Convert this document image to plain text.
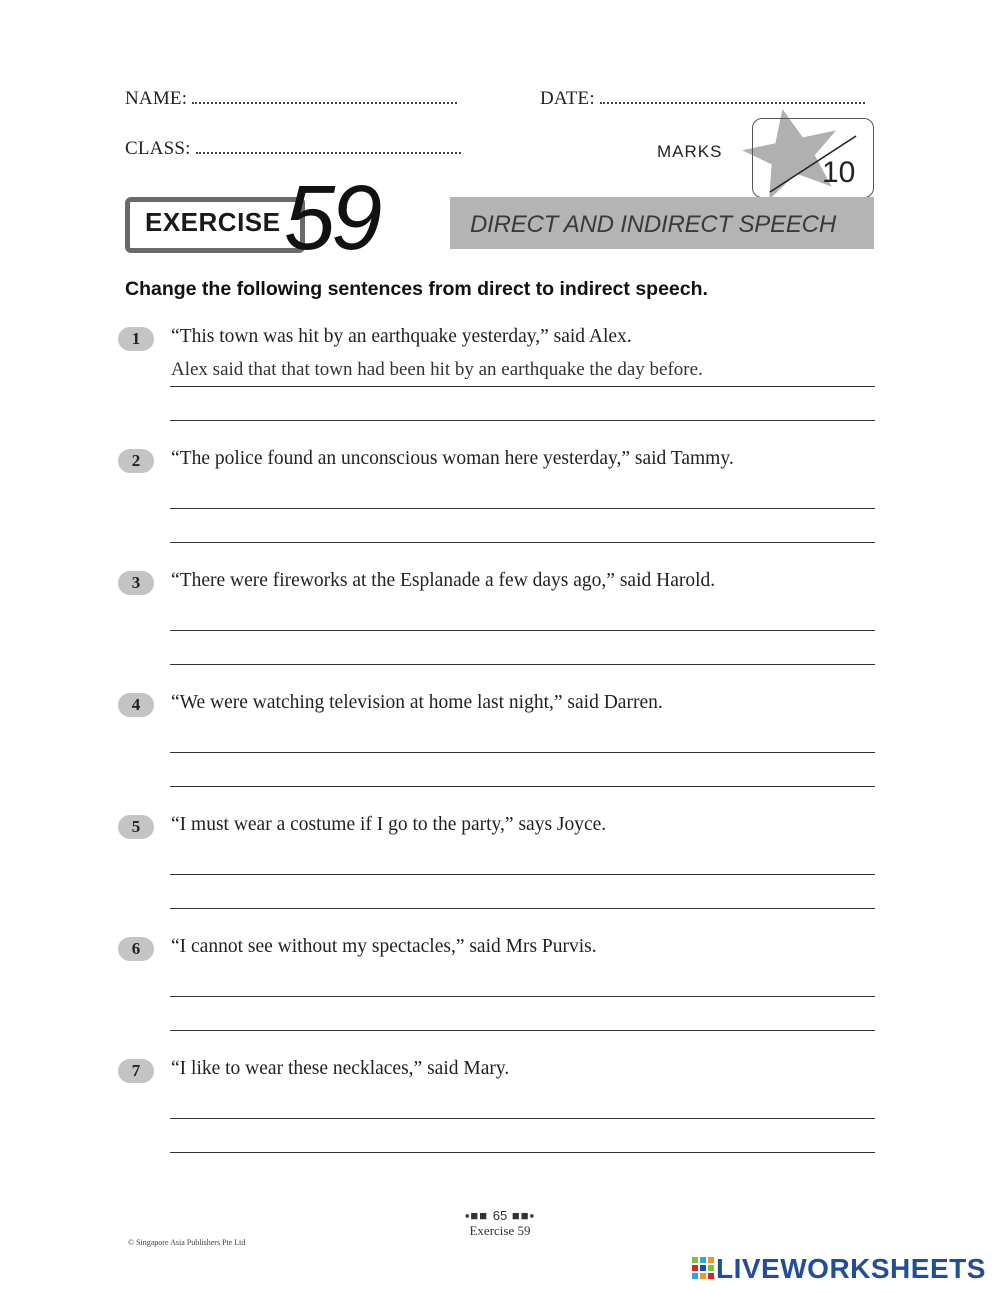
NAME:	DATE:
CLASS:	MARKS
10
EXERCISE 59	DIRECT AND INDIRECT SPEECH
Change the following sentences from direct to indirect speech.
1	“This town was hit by an earthquake yesterday,” said Alex.
Alex said that that town had been hit by an earthquake the day before.
2	“The police found an unconscious woman here yesterday,” said Tammy.
3	“There were fireworks at the Esplanade a few days ago,” said Harold.
4	“We were watching television at home last night,” said Darren.
5	“I must wear a costume if I go to the party,” says Joyce.
6	“I cannot see without my spectacles,” said Mrs Purvis.
7	“I like to wear these necklaces,” said Mary.
▪■■ 65 ■■▪
Exercise 59
© Singapore Asia Publishers Pte Ltd
LIVEWORKSHEETS
